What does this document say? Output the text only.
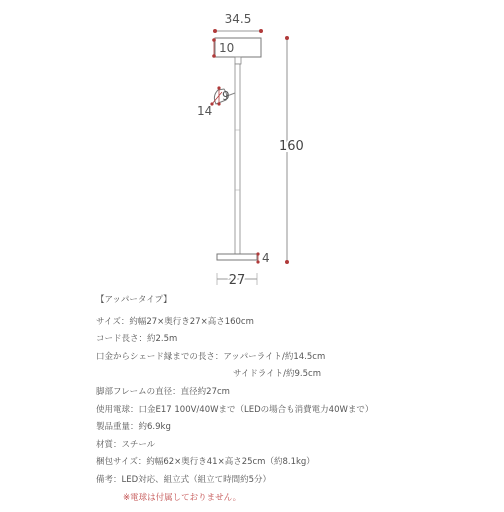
34.5
10
9
14
4
27
160
【アッパータイプ】
サイズ：約幅27×奥行き27×高さ160cm
コード長さ：約2.5m
口金からシェード縁までの長さ：アッパーライト/約14.5cm
サイドライト/約9.5cm
脚部フレームの直径：直径約27cm
使用電球：口金E17 100V/40Wまで（LEDの場合も消費電力40Wまで）
製品重量：約6.9kg
材質：スチール
梱包サイズ：約幅62×奥行き41×高さ25cm（約8.1kg）
備考：LED対応、組立式（組立て時間約5分）
※電球は付属しておりません。
